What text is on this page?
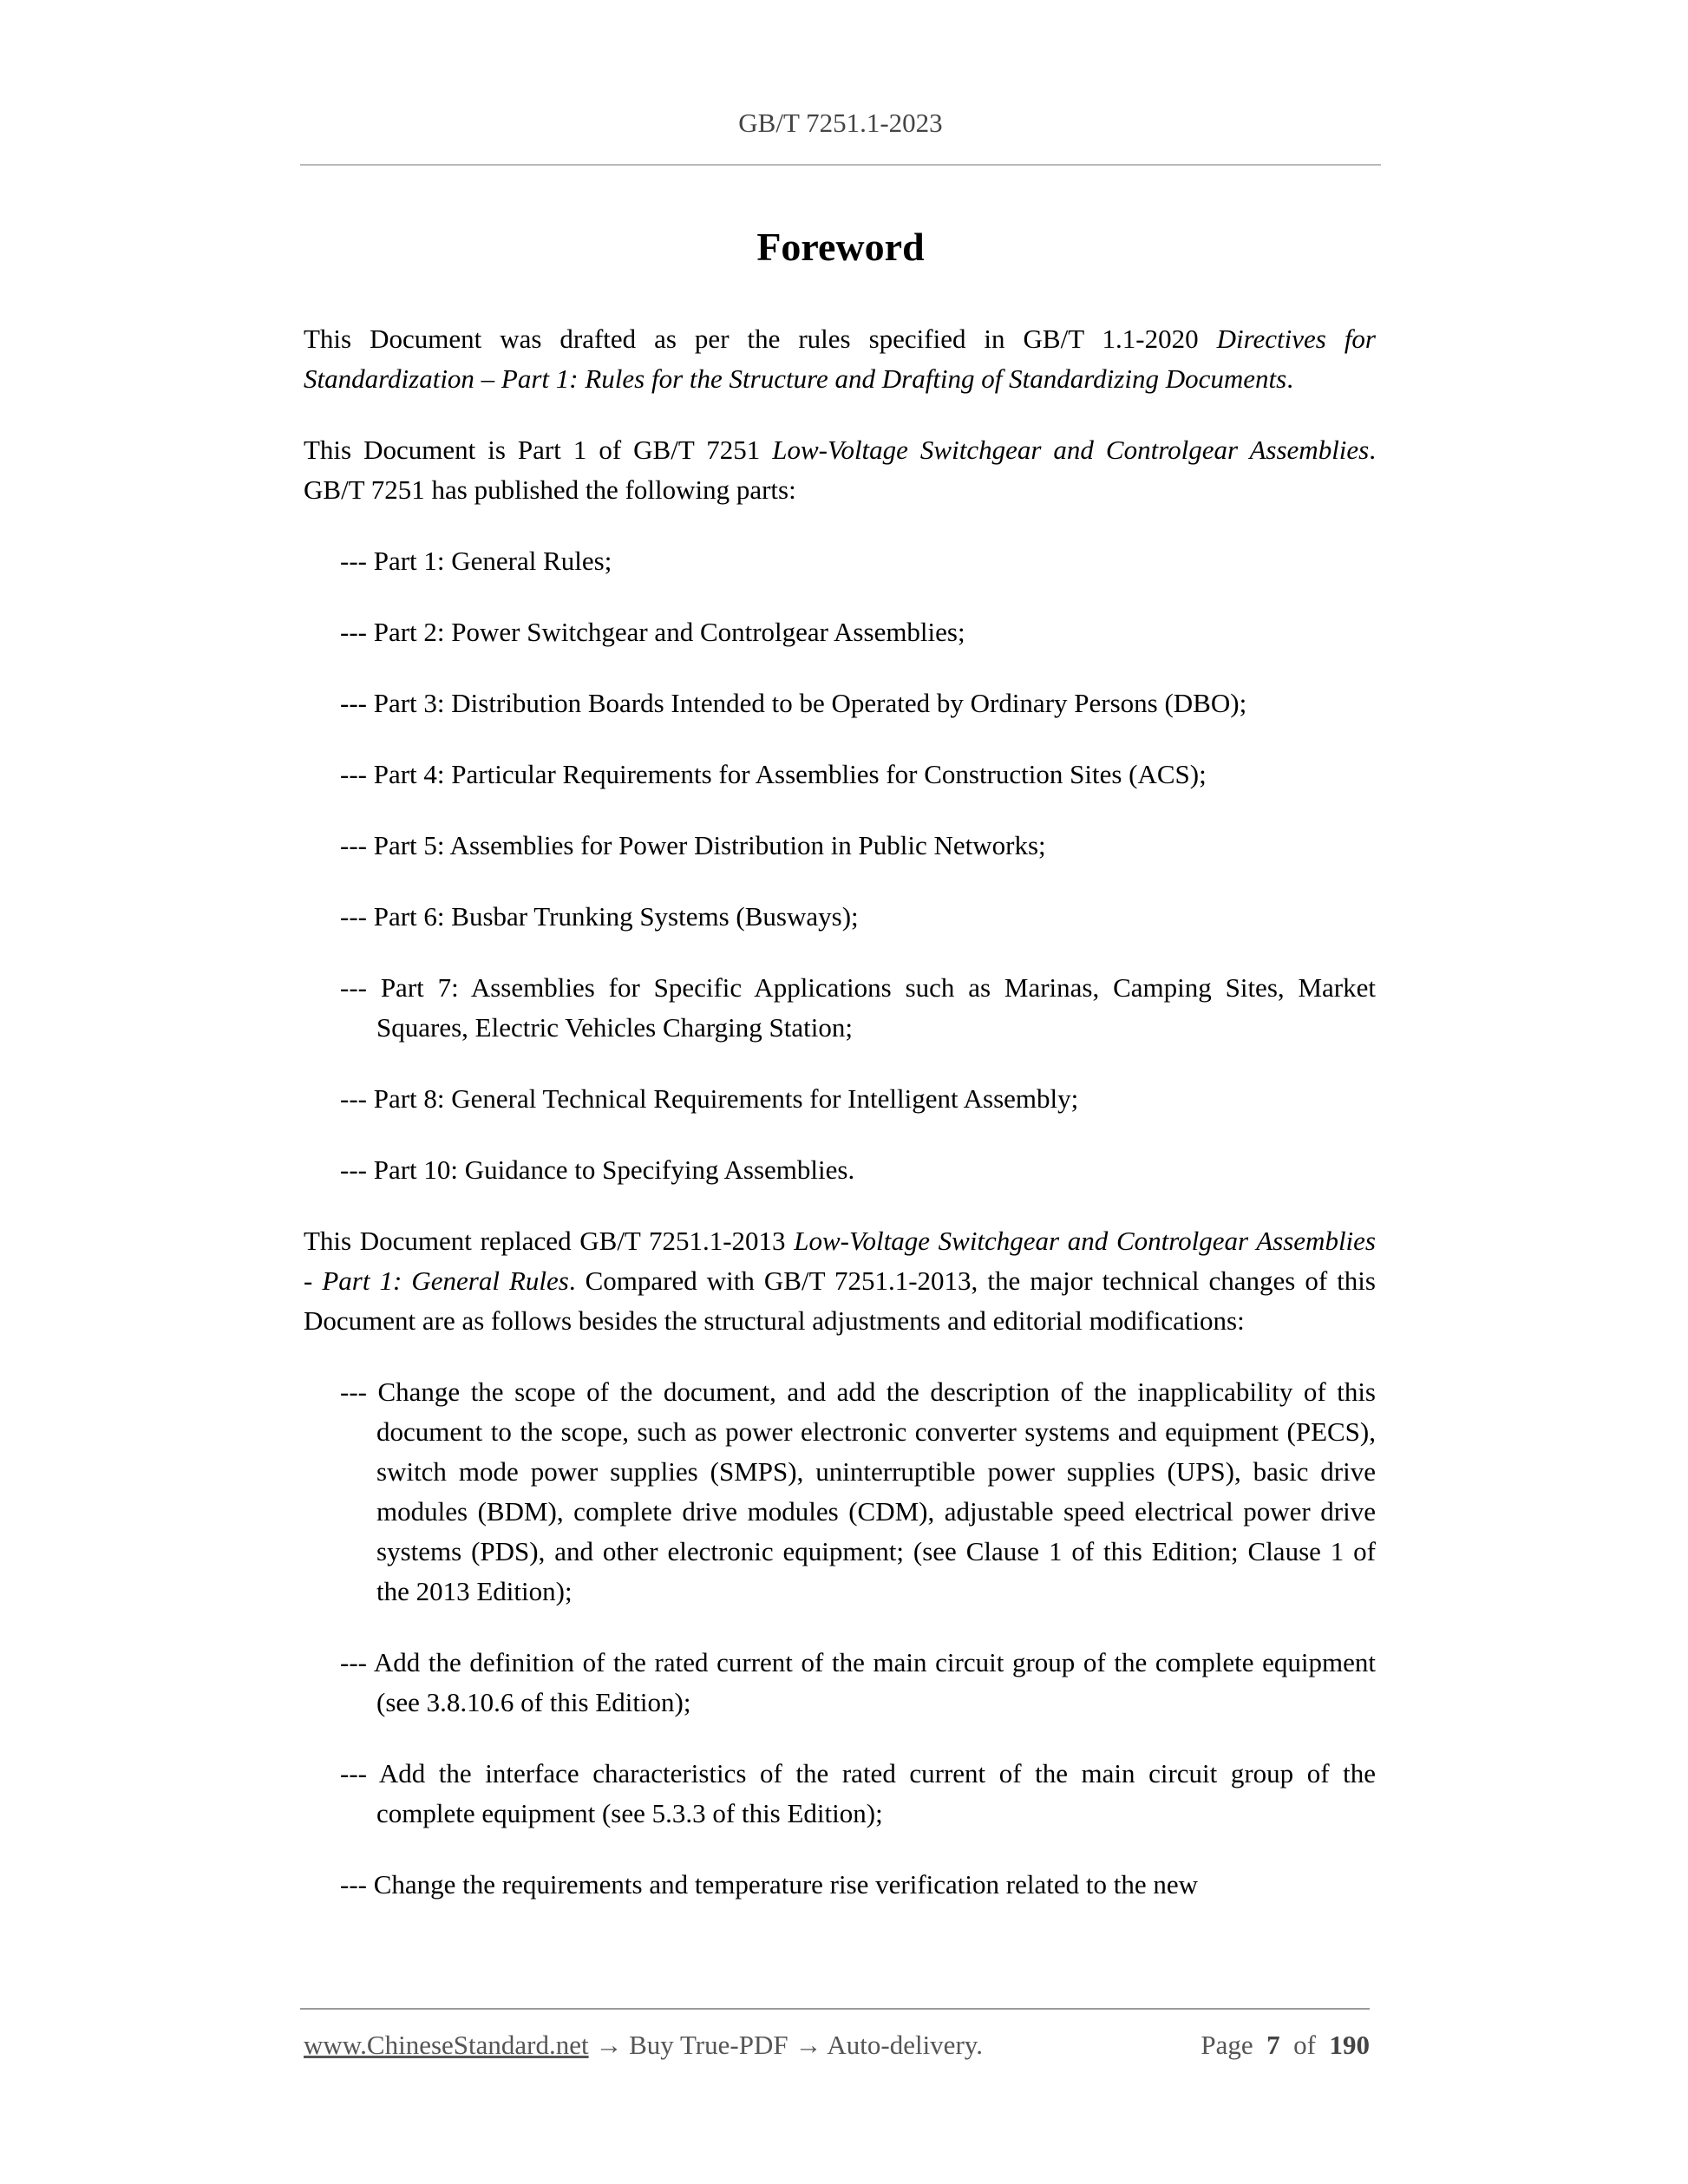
GB/T 7251.1-2023
Foreword

This Document was drafted as per the rules specified in GB/T 1.1-2020 Directives for Standardization – Part 1: Rules for the Structure and Drafting of Standardizing Documents.

This Document is Part 1 of GB/T 7251 Low-Voltage Switchgear and Controlgear Assemblies. GB/T 7251 has published the following parts:

--- Part 1: General Rules;
--- Part 2: Power Switchgear and Controlgear Assemblies;
--- Part 3: Distribution Boards Intended to be Operated by Ordinary Persons (DBO);
--- Part 4: Particular Requirements for Assemblies for Construction Sites (ACS);
--- Part 5: Assemblies for Power Distribution in Public Networks;
--- Part 6: Busbar Trunking Systems (Busways);
--- Part 7: Assemblies for Specific Applications such as Marinas, Camping Sites, Market Squares, Electric Vehicles Charging Station;
--- Part 8: General Technical Requirements for Intelligent Assembly;
--- Part 10: Guidance to Specifying Assemblies.

This Document replaced GB/T 7251.1-2013 Low-Voltage Switchgear and Controlgear Assemblies - Part 1: General Rules. Compared with GB/T 7251.1-2013, the major technical changes of this Document are as follows besides the structural adjustments and editorial modifications:

--- Change the scope of the document, and add the description of the inapplicability of this document to the scope, such as power electronic converter systems and equipment (PECS), switch mode power supplies (SMPS), uninterruptible power supplies (UPS), basic drive modules (BDM), complete drive modules (CDM), adjustable speed electrical power drive systems (PDS), and other electronic equipment; (see Clause 1 of this Edition; Clause 1 of the 2013 Edition);
--- Add the definition of the rated current of the main circuit group of the complete equipment (see 3.8.10.6 of this Edition);
--- Add the interface characteristics of the rated current of the main circuit group of the complete equipment (see 5.3.3 of this Edition);
--- Change the requirements and temperature rise verification related to the new
www.ChineseStandard.net → Buy True-PDF → Auto-delivery.	Page 7 of 190
